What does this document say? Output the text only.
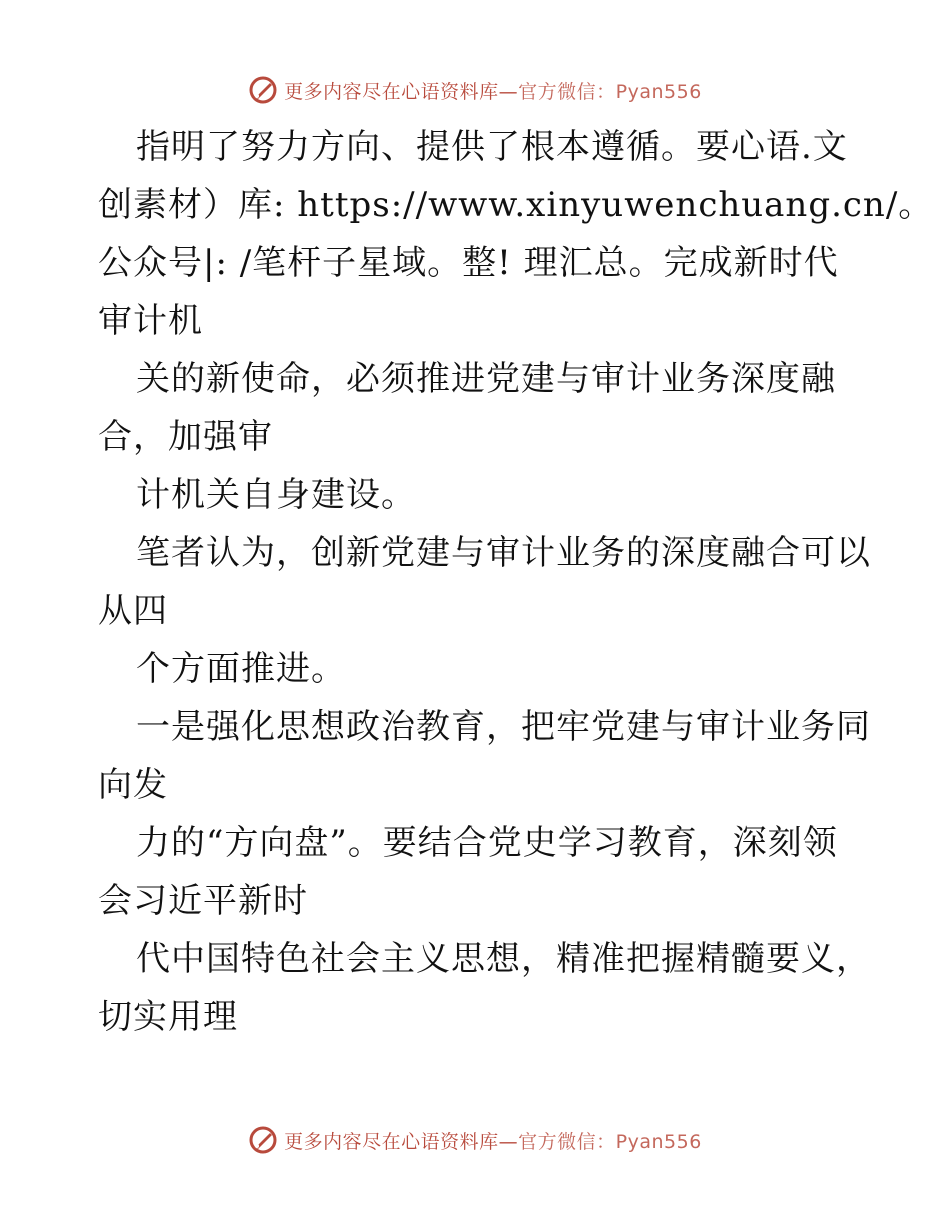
更多内容尽在心语资料库— 官方微信：Pyan556

指明了努力方向、提供了根本遵循。要心语.文

创素材）库: https://www.xinyuwenchuang.cn/。

公众号|: /笔杆子星域。整! 理汇总。完成新时代

审计机

关的新使命，必须推进党建与审计业务深度融

合，加强审

计机关自身建设。

笔者认为，创新党建与审计业务的深度融合可以

从四

个方面推进。

一是强化思想政治教育，把牢党建与审计业务同

向发

力的“方向盘”。要结合党史学习教育，深刻领

会习近平新时

代中国特色社会主义思想，精准把握精髓要义，

切实用理

更多内容尽在心语资料库— 官方微信：Pyan556
